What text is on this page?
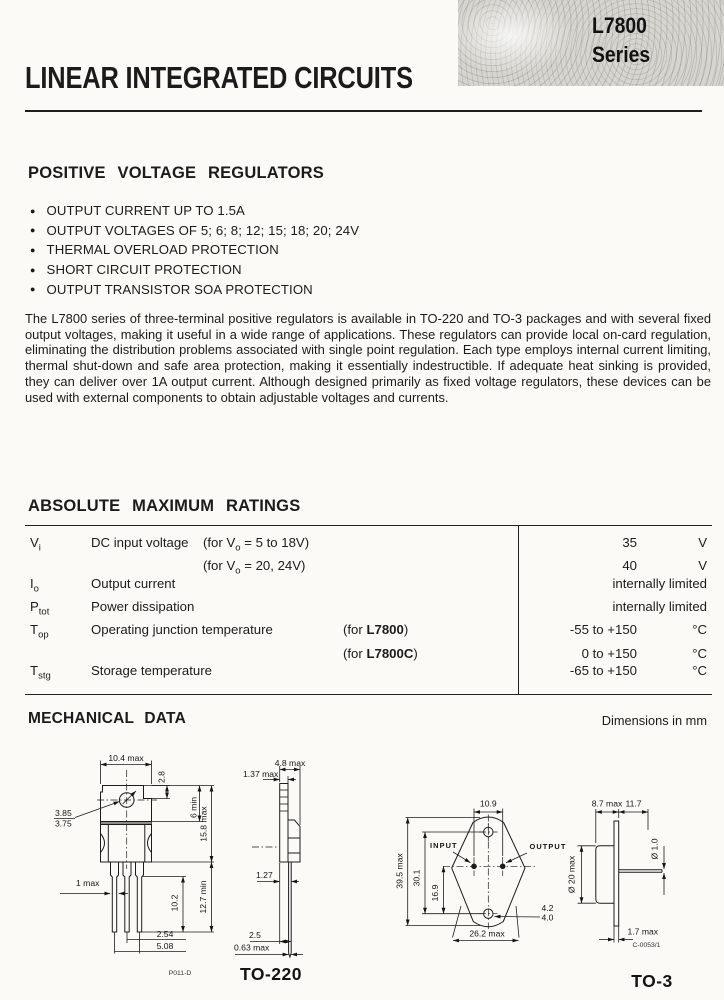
L7800
Series
LINEAR INTEGRATED CIRCUITS
POSITIVE VOLTAGE REGULATORS
● OUTPUT CURRENT UP TO 1.5A
● OUTPUT VOLTAGES OF 5; 6; 8; 12; 15; 18; 20; 24V
● THERMAL OVERLOAD PROTECTION
● SHORT CIRCUIT PROTECTION
● OUTPUT TRANSISTOR SOA PROTECTION

The L7800 series of three-terminal positive regulators is available in TO-220 and TO-3 packages and with several fixed output voltages, making it useful in a wide range of applications. These regulators can provide local on-card regulation, eliminating the distribution problems associated with single point regulation. Each type employs internal current limiting, thermal shut-down and safe area protection, making it essentially indestructible. If adequate heat sinking is provided, they can deliver over 1A output current. Although designed primarily as fixed voltage regulators, these devices can be used with external components to obtain adjustable voltages and currents.

ABSOLUTE MAXIMUM RATINGS
$V_i$	DC input voltage (for $V_o = 5$ to 18V)	35	V
(for $V_o = 20$, 24V)	40	V
$I_o$	Output current	internally limited
$P_{tot}$	Power dissipation	internally limited
$T_{op}$	Operating junction temperature	(for L7800)	-55 to +150	°C
(for L7800C)	0 to +150	°C
$T_{stg}$	Storage temperature	-65 to +150	°C
MECHANICAL DATA	Dimensions in mm
10.4 max
2.8
6 min 15.8 max
12.7 min
10.2
1 max
2.54
5.08
3.85
3.75
P011-D
4.8 max
1.37 max
1.27
2.5
0.63 max
TO-220
INPUT	OUTPUT
10.9
39.5 max 30.1
16.9
26.2 max
4.2
4.0
8.7 max 11.7
Ø 20 max
Ø 1.0
1.7 max
C-0053/1
TO-3
